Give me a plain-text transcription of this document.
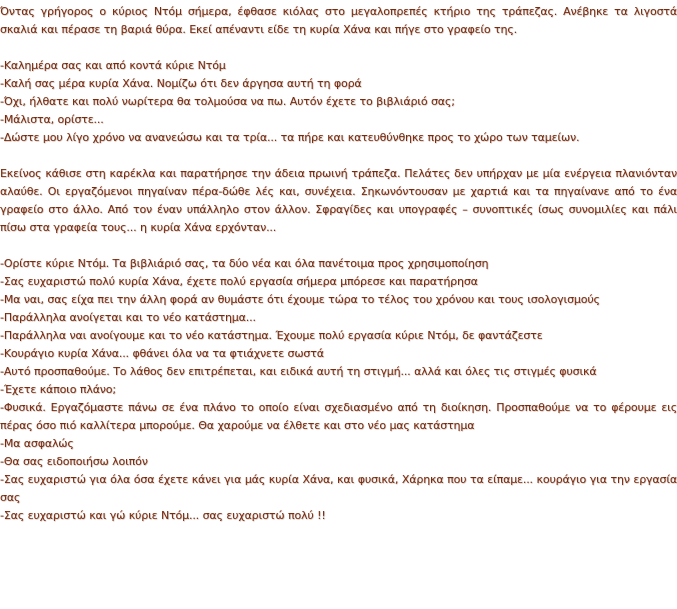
Όντας γρήγορος ο κύριος Ντόμ σήμερα, έφθασε κιόλας στο μεγαλοπρεπές κτήριο της τράπεζας. Ανέβηκε τα λιγοστά σκαλιά και πέρασε τη βαριά θύρα. Εκεί απέναντι είδε τη κυρία Χάνα και πήγε στο γραφείο της.

-Καλημέρα σας και από κοντά κύριε Ντόμ

-Καλή σας μέρα κυρία Χάνα. Νομίζω ότι δεν άργησα αυτή τη φορά

-Όχι, ήλθατε και πολύ νωρίτερα θα τολμούσα να πω. Αυτόν έχετε το βιβλιάριό σας;

-Μάλιστα, ορίστε...

-Δώστε μου λίγο χρόνο να ανανεώσω και τα τρία... τα πήρε και κατευθύνθηκε προς το χώρο των ταμείων.

Εκείνος κάθισε στη καρέκλα και παρατήρησε την άδεια πρωινή τράπεζα. Πελάτες δεν υπήρχαν με μία ενέργεια πλανιόνταν αλαύθε. Οι εργαζόμενοι πηγαίναν πέρα-δώθε λές και, συνέχεια. Σηκωνόντουσαν με χαρτιά και τα πηγαίνανε από το ένα γραφείο στο άλλο. Από τον έναν υπάλληλο στον άλλον. Σφραγίδες και υπογραφές – συνοπτικές ίσως συνομιλίες και πάλι πίσω στα γραφεία τους... η κυρία Χάνα ερχόνταν...

-Ορίστε κύριε Ντόμ. Τα βιβλιάριό σας, τα δύο νέα και όλα πανέτοιμα προς χρησιμοποίηση

-Σας ευχαριστώ πολύ κυρία Χάνα, έχετε πολύ εργασία σήμερα μπόρεσε και παρατήρησα

-Μα ναι, σας είχα πει την άλλη φορά αν θυμάστε ότι έχουμε τώρα το τέλος του χρόνου και τους ισολογισμούς

-Παράλληλα ανοίγεται και το νέο κατάστημα...

-Παράλληλα ναι ανοίγουμε και το νέο κατάστημα. Έχουμε πολύ εργασία κύριε Ντόμ, δε φαντάζεστε

-Κουράγιο κυρία Χάνα... φθάνει όλα να τα φτιάχνετε σωστά

-Αυτό προσπαθούμε. Το λάθος δεν επιτρέπεται, και ειδικά αυτή τη στιγμή... αλλά και όλες τις στιγμές φυσικά

-Έχετε κάποιο πλάνο;

-Φυσικά. Εργαζόμαστε πάνω σε ένα πλάνο το οποίο είναι σχεδιασμένο από τη διοίκηση. Προσπαθούμε να το φέρουμε εις πέρας όσο πιό καλλίτερα μπορούμε. Θα χαρούμε να έλθετε και στο νέο μας κατάστημα

-Μα ασφαλώς

-Θα σας ειδοποιήσω λοιπόν

-Σας ευχαριστώ για όλα όσα έχετε κάνει για μάς κυρία Χάνα, και φυσικά, Χάρηκα που τα είπαμε... κουράγιο για την εργασία σας

-Σας ευχαριστώ και γώ κύριε Ντόμ... σας ευχαριστώ πολύ !!
